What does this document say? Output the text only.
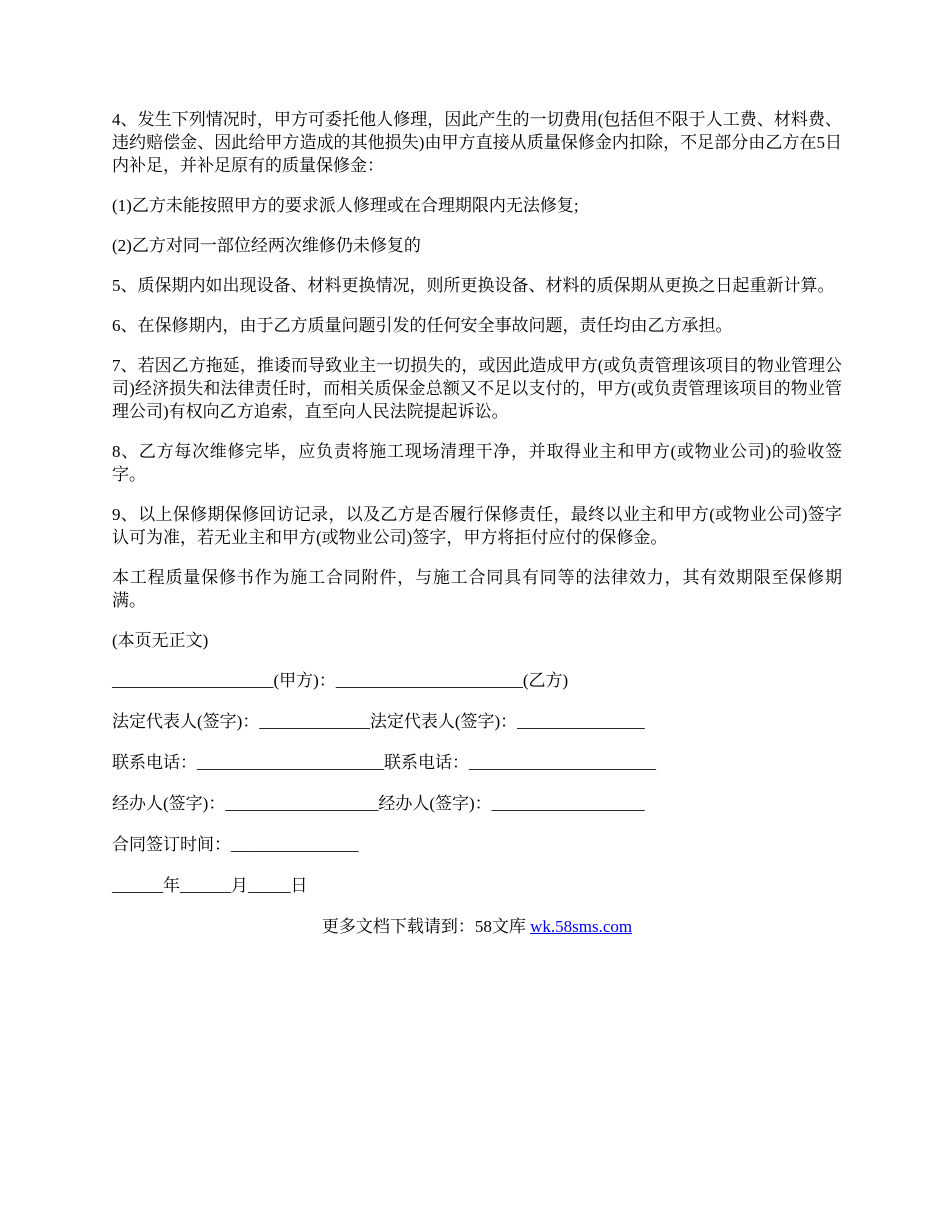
4、发生下列情况时，甲方可委托他人修理，因此产生的一切费用(包括但不限于人工费、材料费、违约赔偿金、因此给甲方造成的其他损失)由甲方直接从质量保修金内扣除，不足部分由乙方在5日内补足，并补足原有的质量保修金：

(1)乙方未能按照甲方的要求派人修理或在合理期限内无法修复;

(2)乙方对同一部位经两次维修仍未修复的

5、质保期内如出现设备、材料更换情况，则所更换设备、材料的质保期从更换之日起重新计算。

6、在保修期内，由于乙方质量问题引发的任何安全事故问题，责任均由乙方承担。

7、若因乙方拖延，推诿而导致业主一切损失的，或因此造成甲方(或负责管理该项目的物业管理公司)经济损失和法律责任时，而相关质保金总额又不足以支付的，甲方(或负责管理该项目的物业管理公司)有权向乙方追索，直至向人民法院提起诉讼。

8、乙方每次维修完毕，应负责将施工现场清理干净，并取得业主和甲方(或物业公司)的验收签字。

9、以上保修期保修回访记录，以及乙方是否履行保修责任，最终以业主和甲方(或物业公司)签字认可为准，若无业主和甲方(或物业公司)签字，甲方将拒付应付的保修金。

本工程质量保修书作为施工合同附件，与施工合同具有同等的法律效力，其有效期限至保修期满。

(本页无正文)

___________________(甲方)：______________________(乙方)

法定代表人(签字)：_____________法定代表人(签字)：_______________

联系电话：______________________联系电话：______________________

经办人(签字)：__________________经办人(签字)：__________________

合同签订时间：_______________

______年______月_____日

更多文档下载请到：58文库 wk.58sms.com
